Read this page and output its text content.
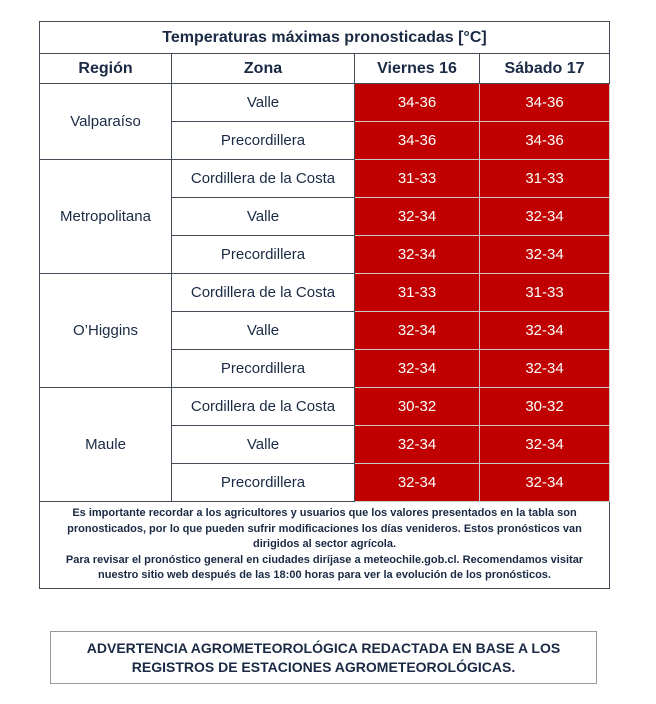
Temperaturas máximas pronosticadas [°C]			
Región	Zona	Viernes 16	Sábado 17
Valparaíso	Valle	34-36	34-36
	Precordillera	34-36	34-36
Metropolitana	Cordillera de la Costa	31-33	31-33
	Valle	32-34	32-34
	Precordillera	32-34	32-34
O’Higgins	Cordillera de la Costa	31-33	31-33
	Valle	32-34	32-34
	Precordillera	32-34	32-34
Maule	Cordillera de la Costa	30-32	30-32
	Valle	32-34	32-34
	Precordillera	32-34	32-34

Es importante recordar a los agricultores y usuarios que los valores presentados en la tabla son pronosticados, por lo que pueden sufrir modificaciones los días venideros. Estos pronósticos van dirigidos al sector agrícola.
Para revisar el pronóstico general en ciudades diríjase a meteochile.gob.cl. Recomendamos visitar nuestro sitio web después de las 18:00 horas para ver la evolución de los pronósticos.			
ADVERTENCIA AGROMETEOROLÓGICA REDACTADA EN BASE A LOS
REGISTROS DE ESTACIONES AGROMETEOROLÓGICAS.
